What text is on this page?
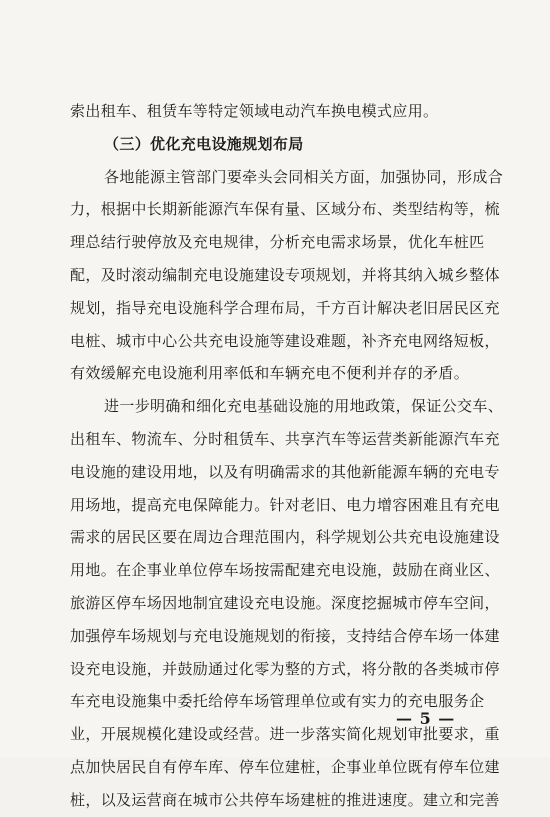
索出租车、租赁车等特定领域电动汽车换电模式应用。
（三）优化充电设施规划布局
各地能源主管部门要牵头会同相关方面，加强协同，形成合
力，根据中长期新能源汽车保有量、区域分布、类型结构等，梳
理总结行驶停放及充电规律，分析充电需求场景，优化车桩匹
配，及时滚动编制充电设施建设专项规划，并将其纳入城乡整体
规划，指导充电设施科学合理布局，千方百计解决老旧居民区充
电桩、城市中心公共充电设施等建设难题，补齐充电网络短板，
有效缓解充电设施利用率低和车辆充电不便利并存的矛盾。
进一步明确和细化充电基础设施的用地政策，保证公交车、
出租车、物流车、分时租赁车、共享汽车等运营类新能源汽车充
电设施的建设用地，以及有明确需求的其他新能源车辆的充电专
用场地，提高充电保障能力。针对老旧、电力增容困难且有充电
需求的居民区要在周边合理范围内，科学规划公共充电设施建设
用地。在企事业单位停车场按需配建充电设施，鼓励在商业区、
旅游区停车场因地制宜建设充电设施。深度挖掘城市停车空间，
加强停车场规划与充电设施规划的衔接，支持结合停车场一体建
设充电设施，并鼓励通过化零为整的方式，将分散的各类城市停
车充电设施集中委托给停车场管理单位或有实力的充电服务企
业，开展规模化建设或经营。进一步落实简化规划审批要求，重
点加快居民自有停车库、停车位建桩，企事业单位既有停车位建
桩，以及运营商在城市公共停车场建桩的推进速度。建立和完善
— 5 —
